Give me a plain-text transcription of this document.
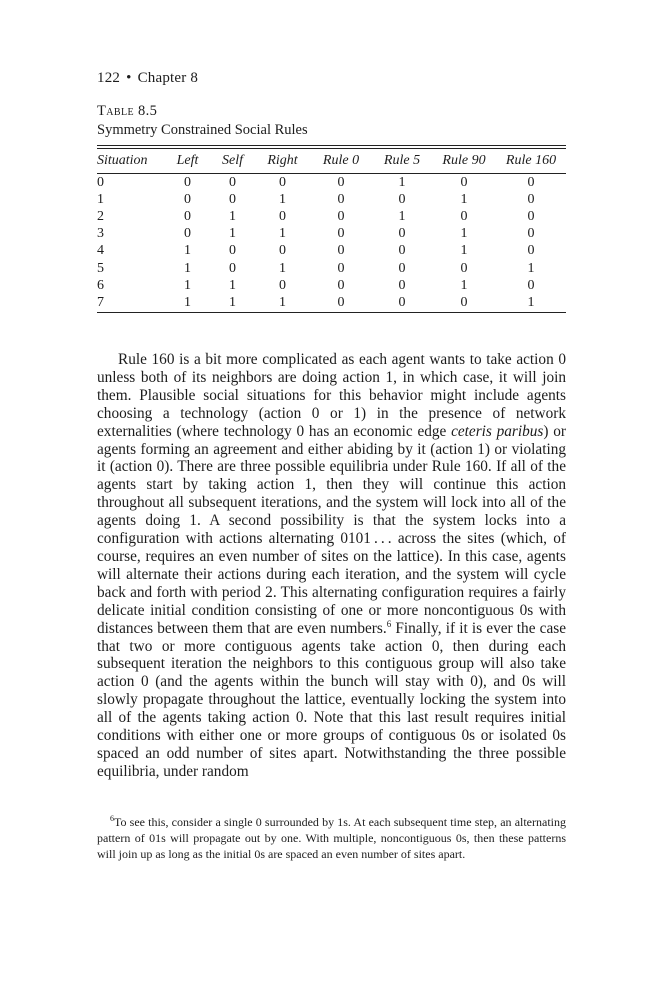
122 • Chapter 8
Table 8.5
Symmetry Constrained Social Rules
Situation	Left	Self	Right	Rule 0	Rule 5	Rule 90	Rule 160
0	0	0	0	0	1	0	0
1	0	0	1	0	0	1	0
2	0	1	0	0	1	0	0
3	0	1	1	0	0	1	0
4	1	0	0	0	0	1	0
5	1	0	1	0	0	0	1
6	1	1	0	0	0	1	0
7	1	1	1	0	0	0	1

Rule 160 is a bit more complicated as each agent wants to take action 0 unless both of its neighbors are doing action 1, in which case, it will join them. Plausible social situations for this behavior might include agents choosing a technology (action 0 or 1) in the presence of network externalities (where technology 0 has an economic edge ceteris paribus) or agents forming an agreement and either abiding by it (action 1) or violating it (action 0). There are three possible equilibria under Rule 160. If all of the agents start by taking action 1, then they will continue this action throughout all subsequent iterations, and the system will lock into all of the agents doing 1. A second possibility is that the system locks into a configuration with actions alternating 0101 . . . across the sites (which, of course, requires an even number of sites on the lattice). In this case, agents will alternate their actions during each iteration, and the system will cycle back and forth with period 2. This alternating configuration requires a fairly delicate initial condition consisting of one or more noncontiguous 0s with distances between them that are even numbers.$^6$ Finally, if it is ever the case that two or more contiguous agents take action 0, then during each subsequent iteration the neighbors to this contiguous group will also take action 0 (and the agents within the bunch will stay with 0), and 0s will slowly propagate throughout the lattice, eventually locking the system into all of the agents taking action 0. Note that this last result requires initial conditions with either one or more groups of contiguous 0s or isolated 0s spaced an odd number of sites apart. Notwithstanding the three possible equilibria, under random

$^6$To see this, consider a single 0 surrounded by 1s. At each subsequent time step, an alternating pattern of 01s will propagate out by one. With multiple, noncontiguous 0s, then these patterns will join up as long as the initial 0s are spaced an even number of sites apart.
